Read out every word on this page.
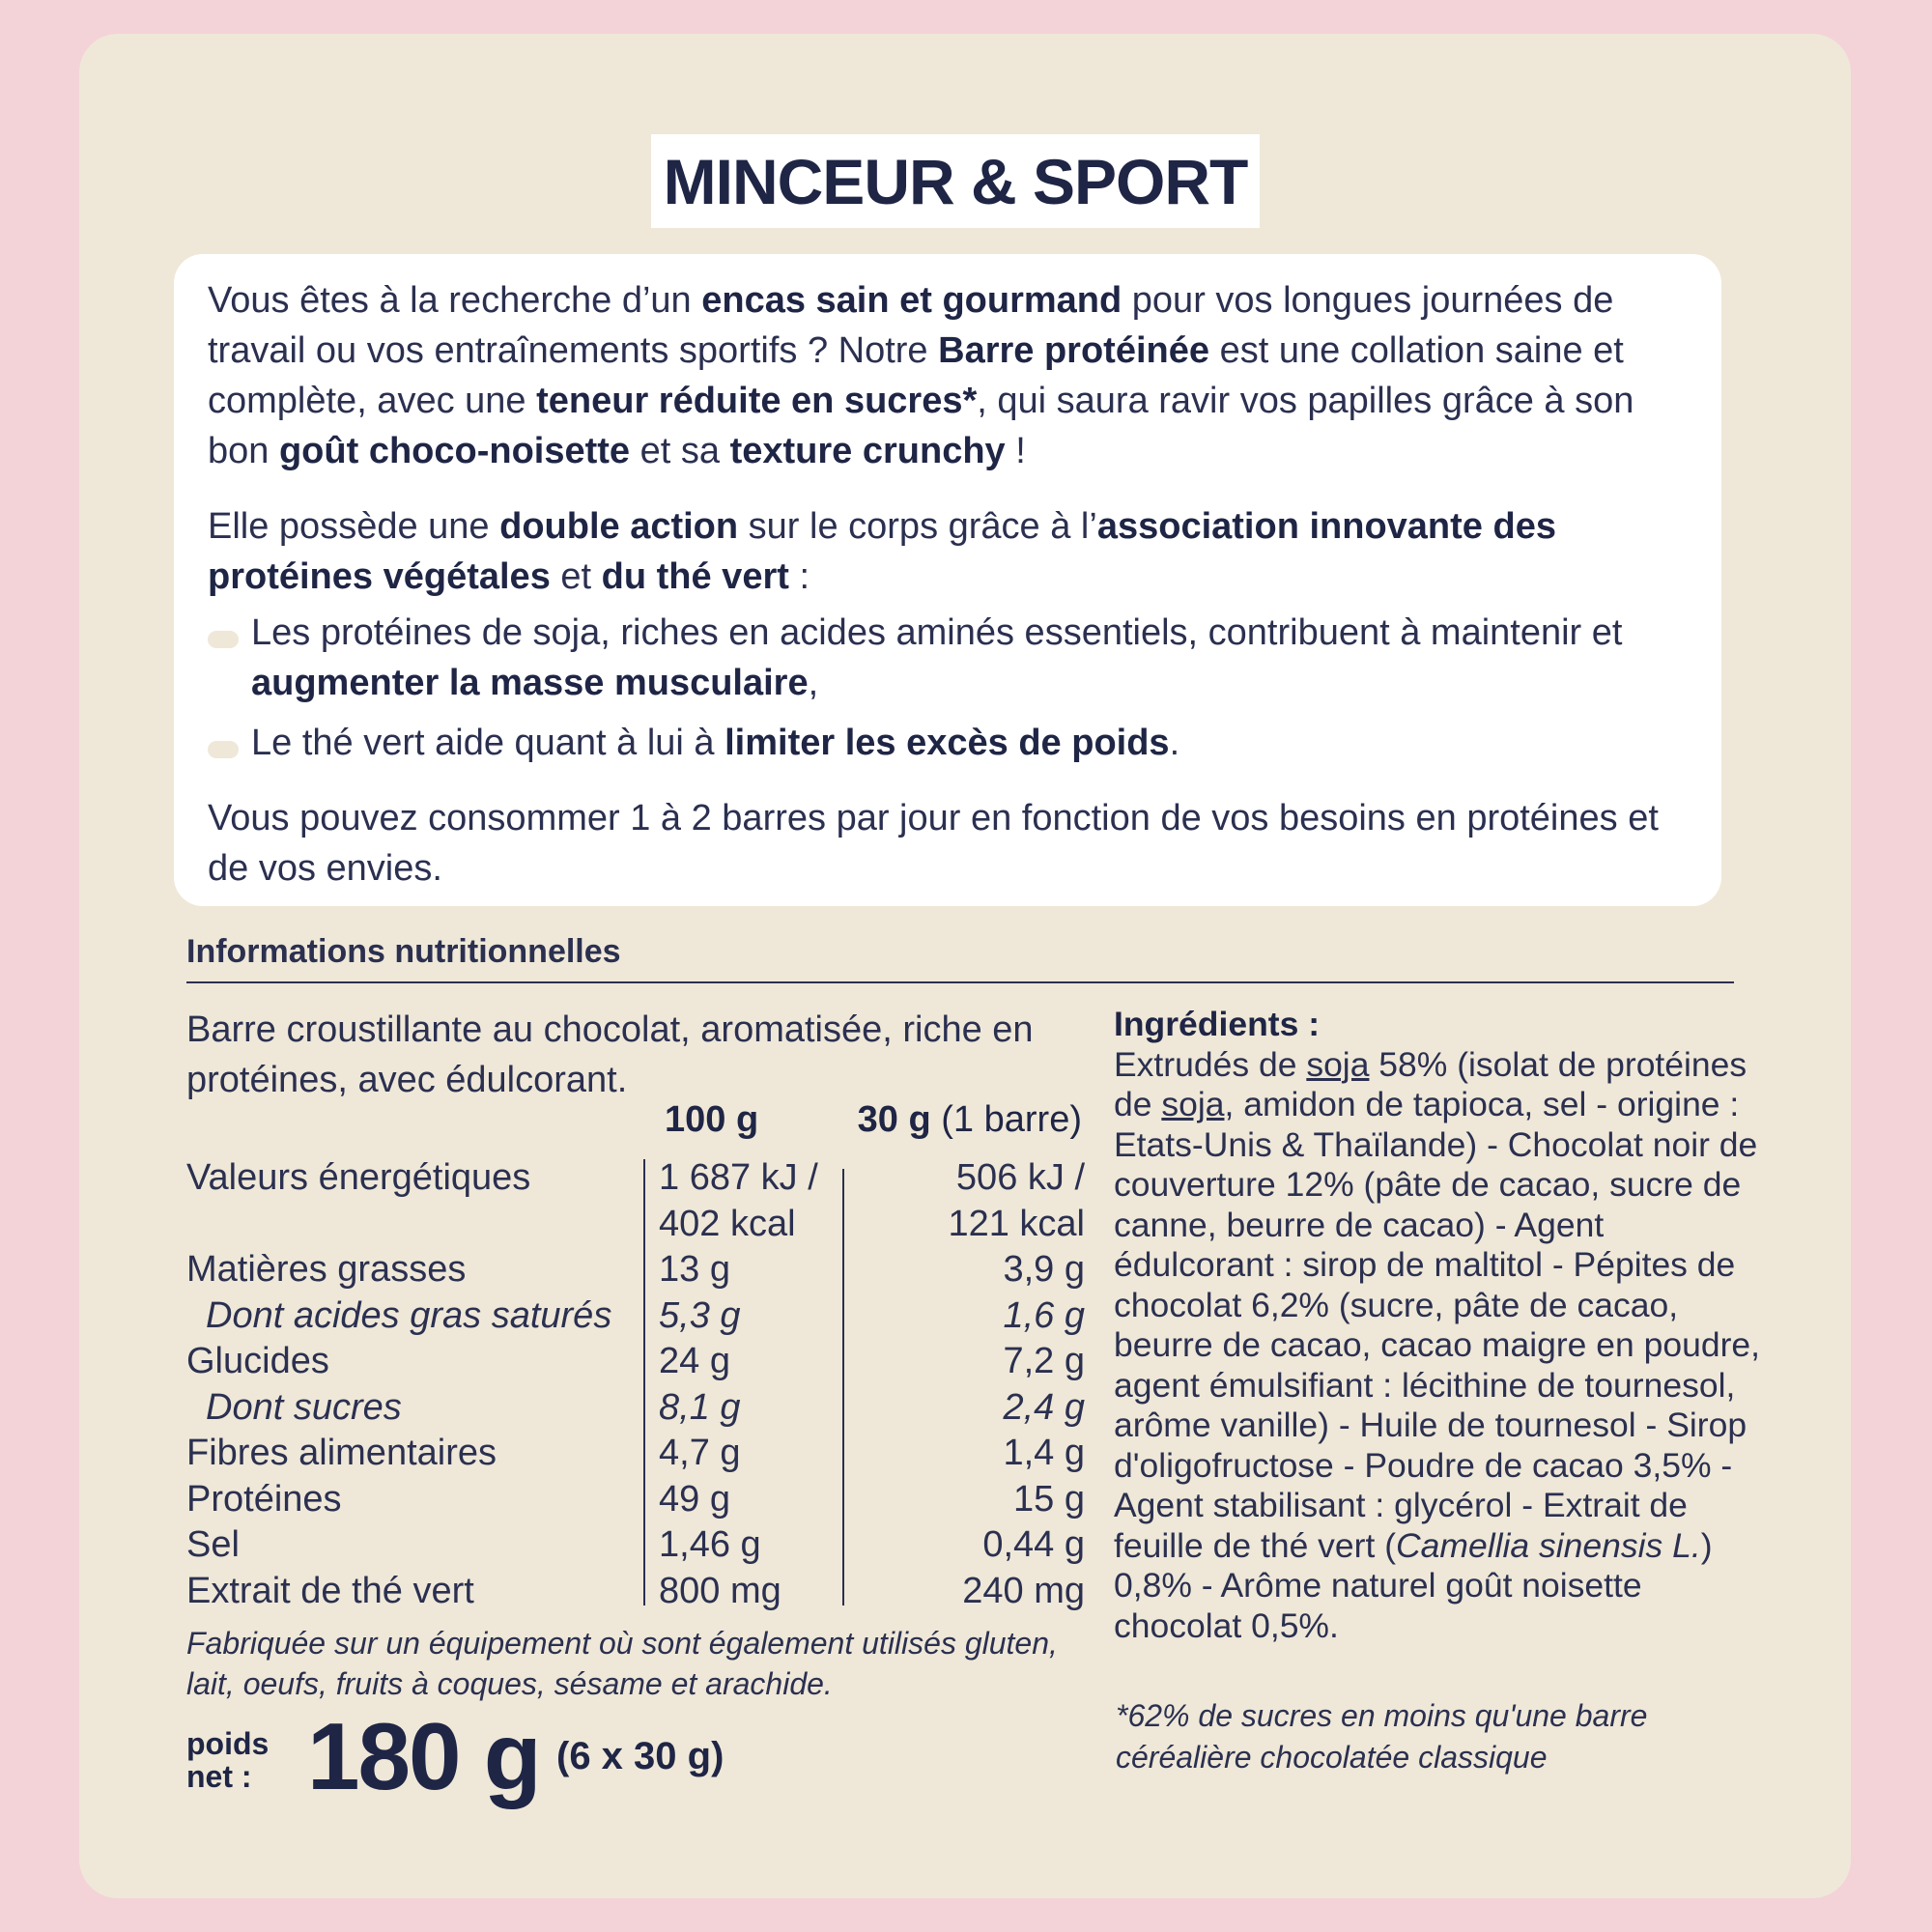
MINCEUR & SPORT

Vous êtes à la recherche d’un encas sain et gourmand pour vos longues journées de travail ou vos entraînements sportifs ? Notre Barre protéinée est une collation saine et complète, avec une teneur réduite en sucres*, qui saura ravir vos papilles grâce à son bon goût choco-noisette et sa texture crunchy !

Elle possède une double action sur le corps grâce à l’association innovante des protéines végétales et du thé vert :

Les protéines de soja, riches en acides aminés essentiels, contribuent à maintenir et augmenter la masse musculaire,
Le thé vert aide quant à lui à limiter les excès de poids.

Vous pouvez consommer 1 à 2 barres par jour en fonction de vos besoins en protéines et de vos envies.

Informations nutritionnelles
Barre croustillante au chocolat, aromatisée, riche en protéines, avec édulcorant.
100 g	30 g (1 barre)
Valeurs énergétiques	1 687 kJ /	506 kJ /
402 kcal	121 kcal
Matières grasses	13 g	3,9 g
Dont acides gras saturés 5,3 g	1,6 g
Glucides	24 g	7,2 g
Dont sucres	8,1 g	2,4 g
Fibres alimentaires	4,7 g	1,4 g
Protéines	49 g	15 g
Sel	1,46 g	0,44 g
Extrait de thé vert	800 mg	240 mg
Fabriquée sur un équipement où sont également utilisés gluten, lait, oeufs, fruits à coques, sésame et arachide.
poids
net : 180 g (6 x 30 g)
Ingrédients :
Extrudés de soja 58% (isolat de protéines de soja, amidon de tapioca, sel - origine : Etats-Unis & Thaïlande) - Chocolat noir de couverture 12% (pâte de cacao, sucre de canne, beurre de cacao) - Agent édulcorant : sirop de maltitol - Pépites de chocolat 6,2% (sucre, pâte de cacao, beurre de cacao, cacao maigre en poudre, agent émulsifiant : lécithine de tournesol, arôme vanille) - Huile de tournesol - Sirop d'oligofructose - Poudre de cacao 3,5% - Agent stabilisant : glycérol - Extrait de feuille de thé vert (Camellia sinensis L.) 0,8% - Arôme naturel goût noisette chocolat 0,5%.
*62% de sucres en moins qu'une barre céréalière chocolatée classique
